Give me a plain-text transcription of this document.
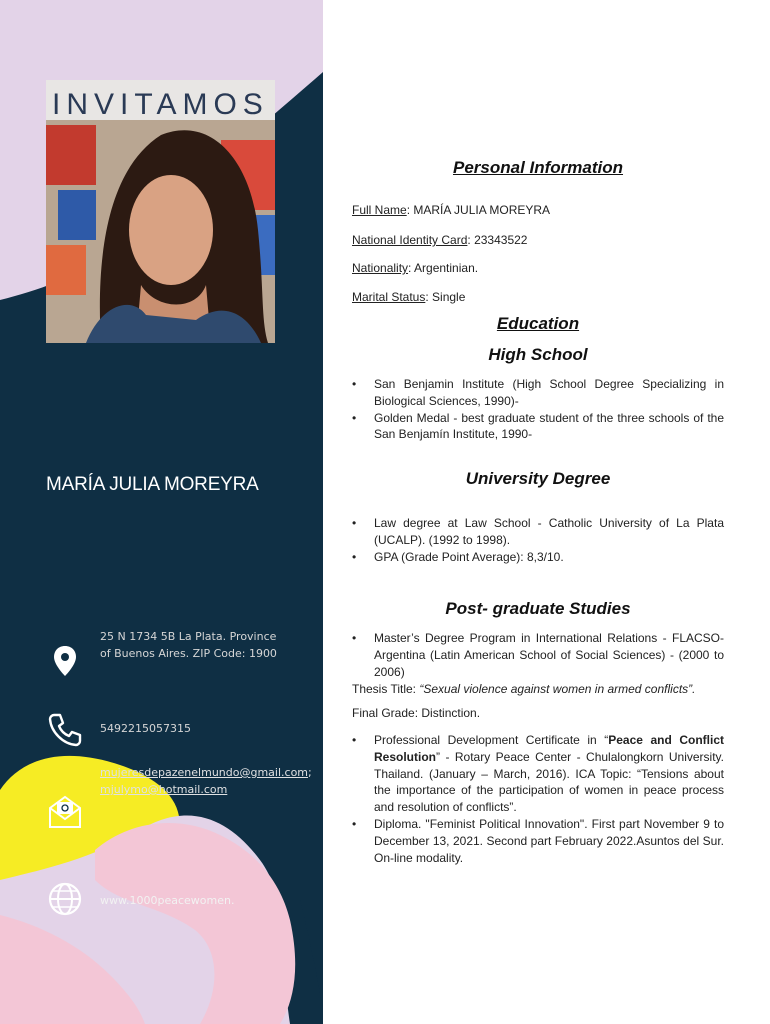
INVITAMOS
MARÍA JULIA MOREYRA
25 N 1734 5B La Plata. Province of Buenos Aires. ZIP Code: 1900
5492215057315
mujeresdepazenelmundo@gmail.com;
mjulymo@hotmail.com
www.1000peacewomen.
Personal Information
Full Name: MARÍA JULIA MOREYRA
National Identity Card: 23343522
Nationality: Argentinian.
Marital Status: Single
Education
High School
• San Benjamin Institute (High School Degree Specializing in Biological Sciences, 1990)-
• Golden Medal - best graduate student of the three schools of the San Benjamín Institute, 1990-
University Degree
• Law degree at Law School - Catholic University of La Plata (UCALP). (1992 to 1998).
• GPA (Grade Point Average): 8,3/10.
Post- graduate Studies
• Master’s Degree Program in International Relations - FLACSO-Argentina (Latin American School of Social Sciences) - (2000 to 2006)
Thesis Title: “Sexual violence against women in armed conflicts”.
Final Grade: Distinction.
• Professional Development Certificate in “Peace and Conflict Resolution” - Rotary Peace Center - Chulalongkorn University. Thailand. (January – March, 2016). ICA Topic: “Tensions about the importance of the participation of women in peace process and resolution of conflicts”.
• Diploma. "Feminist Political Innovation". First part November 9 to December 13, 2021. Second part February 2022.Asuntos del Sur. On-line modality.
